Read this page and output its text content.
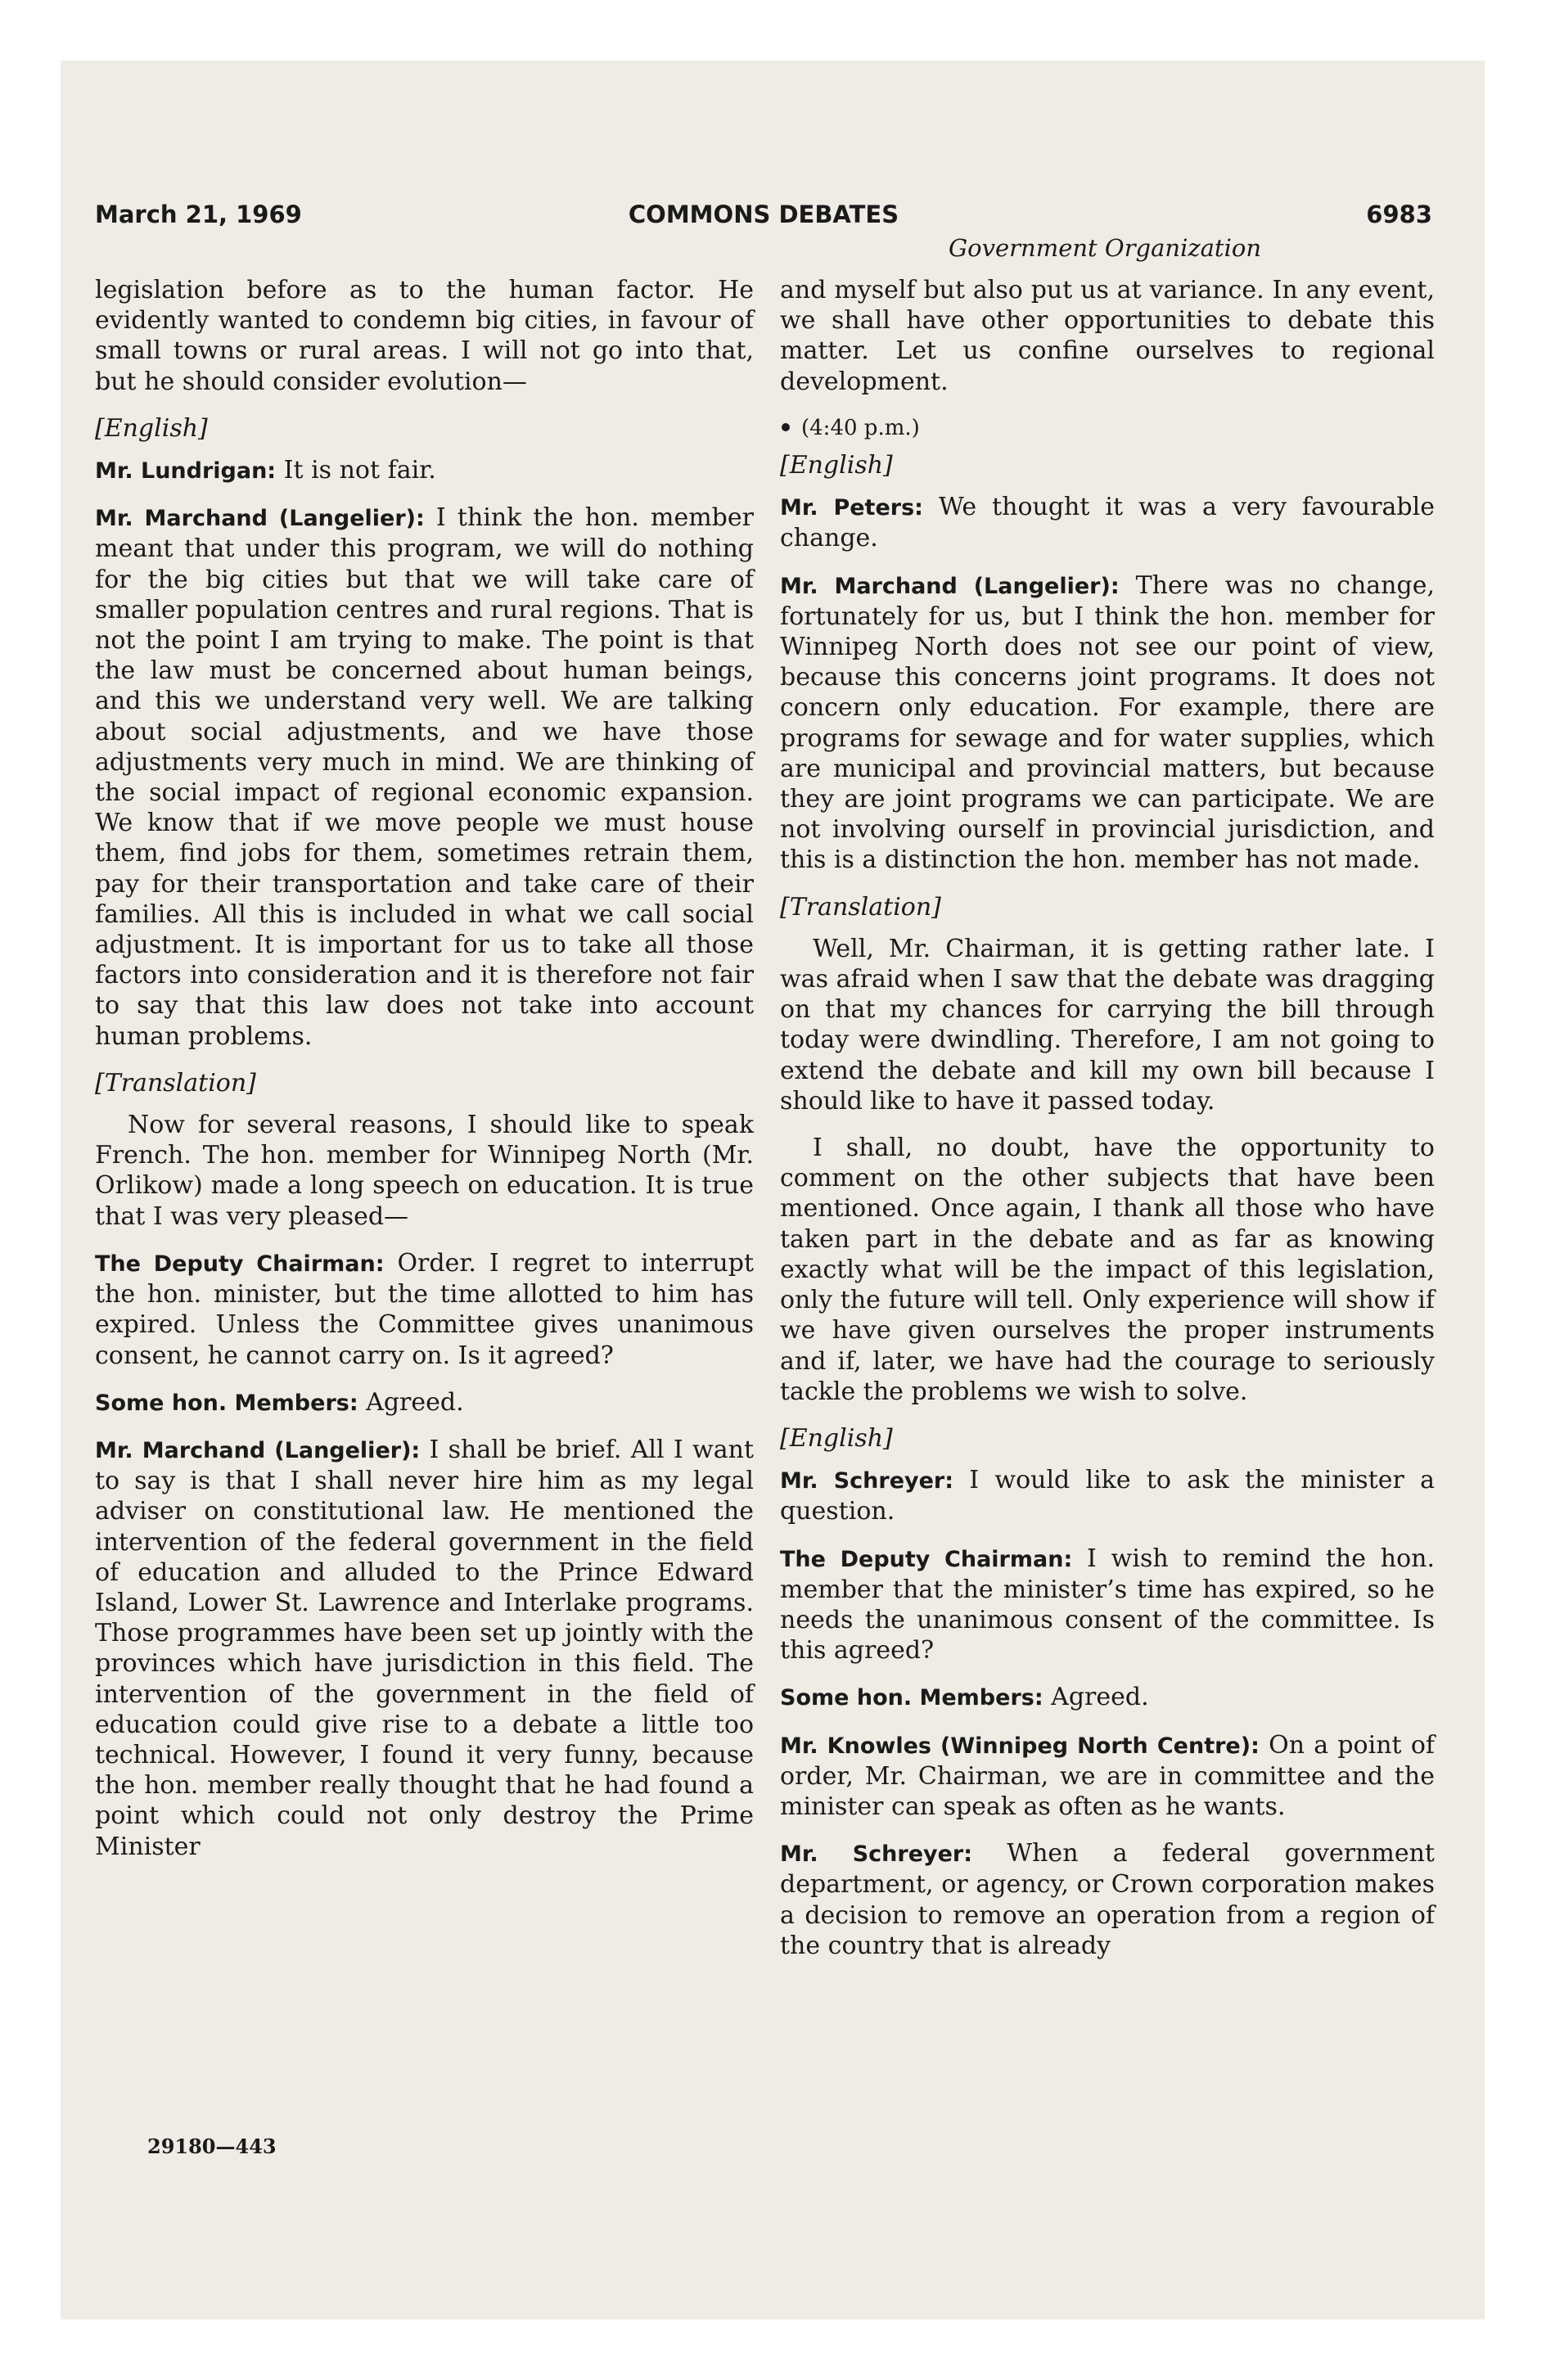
March 21, 1969	COMMONS DEBATES	6983
Government Organization

legislation before as to the human factor. He evidently wanted to condemn big cities, in favour of small towns or rural areas. I will not go into that, but he should consider evolution—

[English]

Mr. Lundrigan: It is not fair.

Mr. Marchand (Langelier): I think the hon. member meant that under this program, we will do nothing for the big cities but that we will take care of smaller population centres and rural regions. That is not the point I am trying to make. The point is that the law must be concerned about human beings, and this we understand very well. We are talking about social adjustments, and we have those adjustments very much in mind. We are thinking of the social impact of regional economic expansion. We know that if we move people we must house them, find jobs for them, sometimes retrain them, pay for their transportation and take care of their families. All this is included in what we call social adjustment. It is important for us to take all those factors into consideration and it is therefore not fair to say that this law does not take into account human problems.

[Translation]

Now for several reasons, I should like to speak French. The hon. member for Winnipeg North (Mr. Orlikow) made a long speech on education. It is true that I was very pleased—

The Deputy Chairman: Order. I regret to interrupt the hon. minister, but the time allotted to him has expired. Unless the Committee gives unanimous consent, he cannot carry on. Is it agreed?

Some hon. Members: Agreed.

Mr. Marchand (Langelier): I shall be brief. All I want to say is that I shall never hire him as my legal adviser on constitutional law. He mentioned the intervention of the federal government in the field of education and alluded to the Prince Edward Island, Lower St. Lawrence and Interlake programs. Those programmes have been set up jointly with the provinces which have jurisdiction in this field. The intervention of the government in the field of education could give rise to a debate a little too technical. However, I found it very funny, because the hon. member really thought that he had found a point which could not only destroy the Prime Minister

and myself but also put us at variance. In any event, we shall have other opportunities to debate this matter. Let us confine ourselves to regional development.

(4:40 p.m.)

[English]

Mr. Peters: We thought it was a very favourable change.

Mr. Marchand (Langelier): There was no change, fortunately for us, but I think the hon. member for Winnipeg North does not see our point of view, because this concerns joint programs. It does not concern only education. For example, there are programs for sewage and for water supplies, which are municipal and provincial matters, but because they are joint programs we can participate. We are not involving ourself in provincial jurisdiction, and this is a distinction the hon. member has not made.

[Translation]

Well, Mr. Chairman, it is getting rather late. I was afraid when I saw that the debate was dragging on that my chances for carrying the bill through today were dwindling. Therefore, I am not going to extend the debate and kill my own bill because I should like to have it passed today.

I shall, no doubt, have the opportunity to comment on the other subjects that have been mentioned. Once again, I thank all those who have taken part in the debate and as far as knowing exactly what will be the impact of this legislation, only the future will tell. Only experience will show if we have given ourselves the proper instruments and if, later, we have had the courage to seriously tackle the problems we wish to solve.

[English]

Mr. Schreyer: I would like to ask the minister a question.

The Deputy Chairman: I wish to remind the hon. member that the minister’s time has expired, so he needs the unanimous consent of the committee. Is this agreed?

Some hon. Members: Agreed.

Mr. Knowles (Winnipeg North Centre): On a point of order, Mr. Chairman, we are in committee and the minister can speak as often as he wants.

Mr. Schreyer: When a federal government department, or agency, or Crown corporation makes a decision to remove an operation from a region of the country that is already

29180—443
